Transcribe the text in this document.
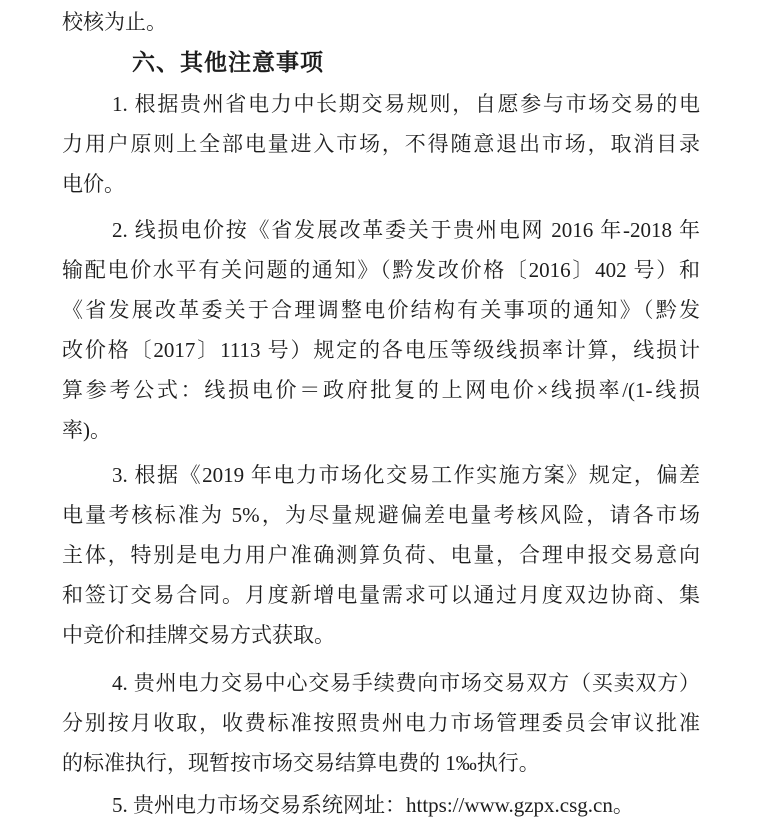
校核为止。
六、其他注意事项
1. 根据贵州省电力中长期交易规则，自愿参与市场交易的电
力用户原则上全部电量进入市场，不得随意退出市场，取消目录
电价。
2. 线损电价按《省发展改革委关于贵州电网 2016 年-2018 年
输配电价水平有关问题的通知》（黔发改价格〔2016〕402 号）和
《省发展改革委关于合理调整电价结构有关事项的通知》（黔发
改价格〔2017〕1113 号）规定的各电压等级线损率计算，线损计
算参考公式：线损电价＝政府批复的上网电价×线损率/(1-线损
率)。
3. 根据《2019 年电力市场化交易工作实施方案》规定，偏差
电量考核标准为 5%，为尽量规避偏差电量考核风险，请各市场
主体，特别是电力用户准确测算负荷、电量，合理申报交易意向
和签订交易合同。月度新增电量需求可以通过月度双边协商、集
中竞价和挂牌交易方式获取。
4. 贵州电力交易中心交易手续费向市场交易双方（买卖双方）
分别按月收取，收费标准按照贵州电力市场管理委员会审议批准
的标准执行，现暂按市场交易结算电费的 1‰执行。
5. 贵州电力市场交易系统网址：https://www.gzpx.csg.cn。
